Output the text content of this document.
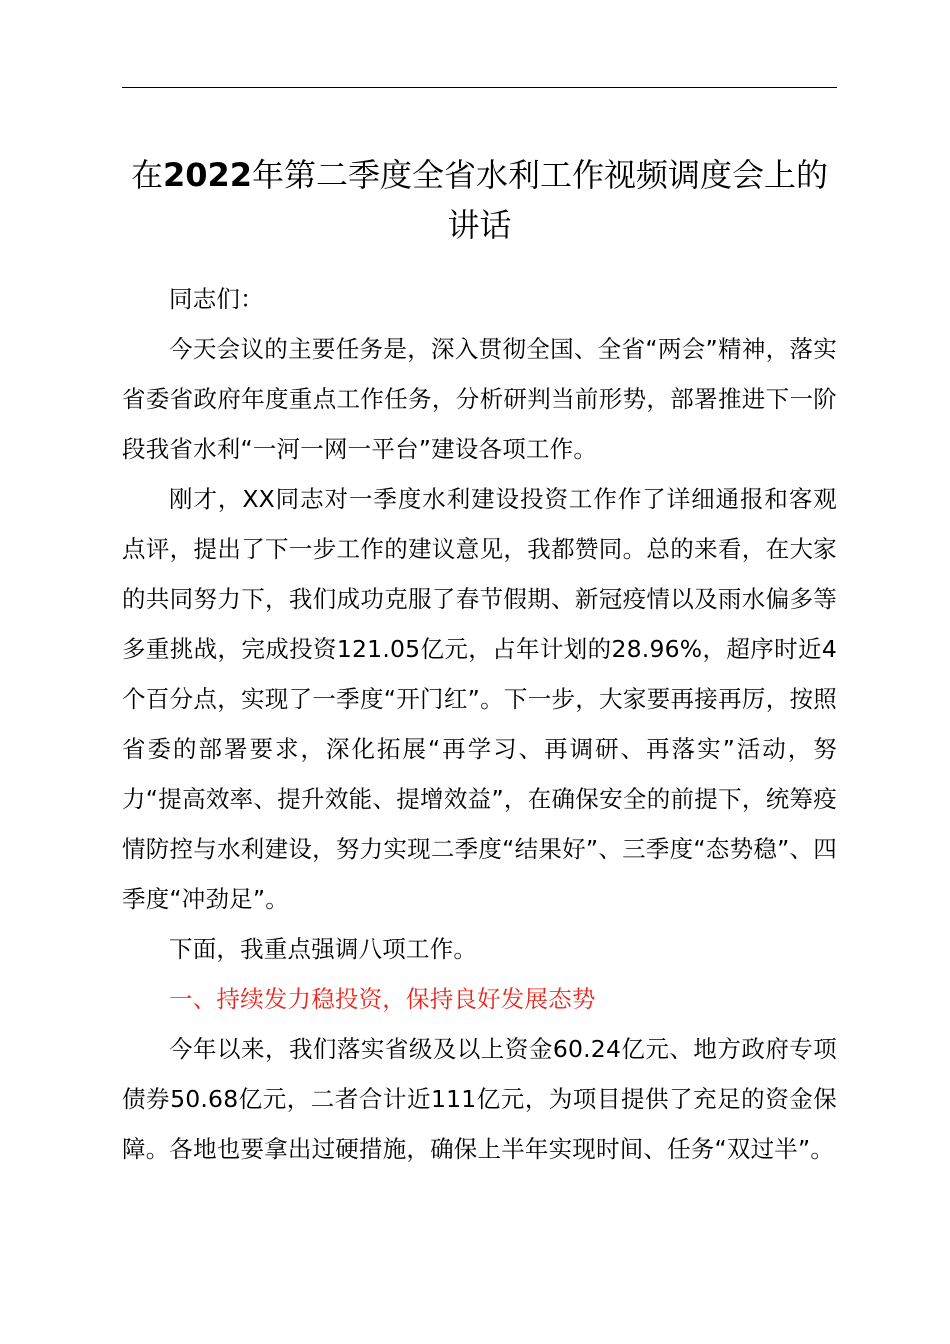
在2022年第二季度全省水利工作视频调度会上的讲话

同志们：

今天会议的主要任务是，深入贯彻全国、全省“两会”精神，落实省委省政府年度重点工作任务，分析研判当前形势，部署推进下一阶段我省水利“一河一网一平台”建设各项工作。

刚才，XX同志对一季度水利建设投资工作作了详细通报和客观点评，提出了下一步工作的建议意见，我都赞同。总的来看，在大家的共同努力下，我们成功克服了春节假期、新冠疫情以及雨水偏多等多重挑战，完成投资121.05亿元，占年计划的28.96%，超序时近4个百分点，实现了一季度“开门红”。下一步，大家要再接再厉，按照省委的部署要求，深化拓展“再学习、再调研、再落实”活动，努力“提高效率、提升效能、提增效益”，在确保安全的前提下，统筹疫情防控与水利建设，努力实现二季度“结果好”、三季度“态势稳”、四季度“冲劲足”。

下面，我重点强调八项工作。

一、持续发力稳投资，保持良好发展态势

今年以来，我们落实省级及以上资金60.24亿元、地方政府专项债券50.68亿元，二者合计近111亿元，为项目提供了充足的资金保障。各地也要拿出过硬措施，确保上半年实现时间、任务“双过半”。
